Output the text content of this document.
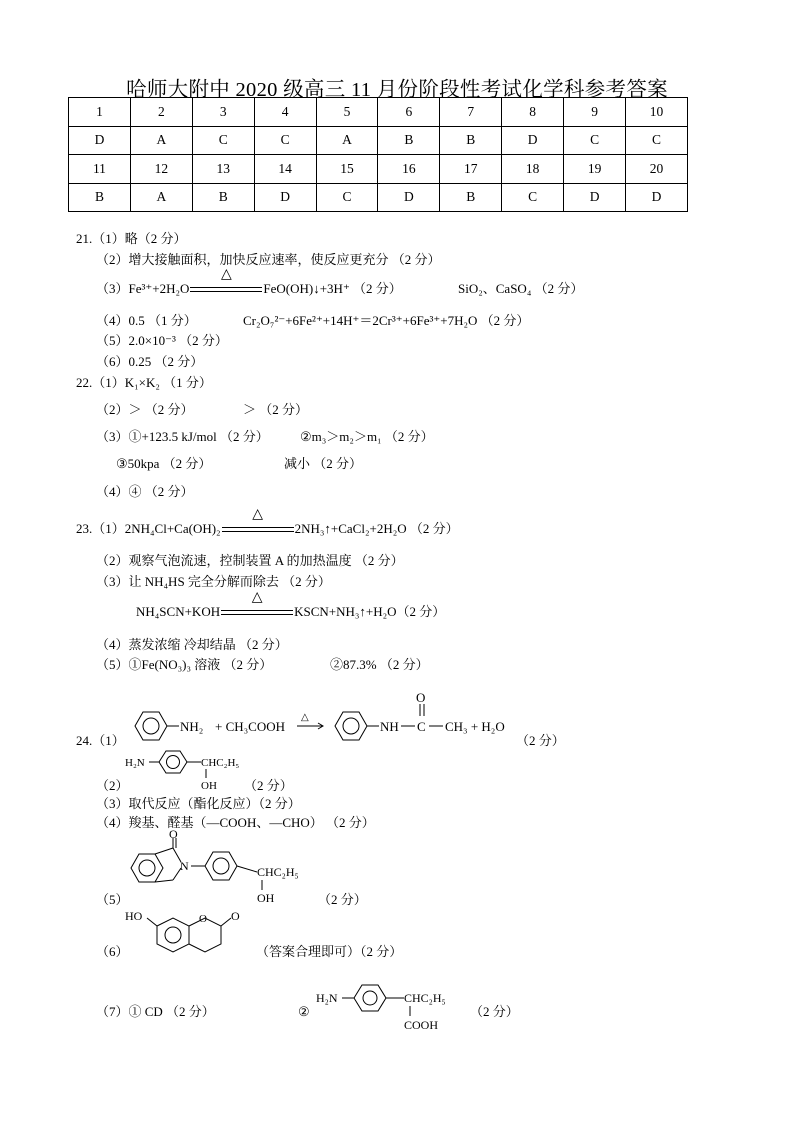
哈师大附中 2020 级高三 11 月份阶段性考试化学科参考答案
1	2	3	4	5	6	7	8	9	10
D	A	C	C	A	B	B	D	C	C
11	12	13	14	15	16	17	18	19	20
B	A	B	D	C	D	B	C	D	D
21.（1）略（2 分）
（2）增大接触面积，加快反应速率，使反应更充分 （2 分）
（3）Fe³⁺+2H₂O
△
FeO(OH)↓+3H⁺ （2 分）	SiO₂、CaSO₄ （2 分）
（4）0.5 （1 分）	Cr₂O₇²⁻+6Fe²⁺+14H⁺＝2Cr³⁺+6Fe³⁺+7H₂O （2 分）
（5）2.0×10⁻³ （2 分）
（6）0.25 （2 分）
22.（1）K₁×K₂ （1 分）
（2）＞ （2 分）	＞ （2 分）
（3）①+123.5 kJ/mol （2 分） ②m₃＞m₂＞m₁ （2 分）
③50kpa （2 分）	减小 （2 分）
（4）④ （2 分）
23.（1）2NH₄Cl+Ca(OH)₂
△
2NH₃↑+CaCl₂+2H₂O （2 分）
（2）观察气泡流速，控制装置 A 的加热温度 （2 分）
（3）让 NH₄HS 完全分解而除去 （2 分）
NH₄SCN+KOH
△
KSCN+NH₃↑+H₂O（2 分）
（4）蒸发浓缩 冷却结晶 （2 分）
（5）①Fe(NO₃)₃ 溶液 （2 分）	②87.3% （2 分）
24.（1）
NH₂ + CH₃COOH
△
NH C
O
CH₃ + H₂O
（2 分）
H₂N	CHC₂H₅
OH
（2）	（2 分）
（3）取代反应（酯化反应）（2 分）
（4）羧基、醛基（—COOH、—CHO） （2 分）
O
N	CHC₂H₅
OH
（5）	（2 分）
HO	O O
（6）	（答案合理即可）（2 分）
（7）① CD （2 分）	②
H₂N	CHC₂H₅
COOH
（2 分）
